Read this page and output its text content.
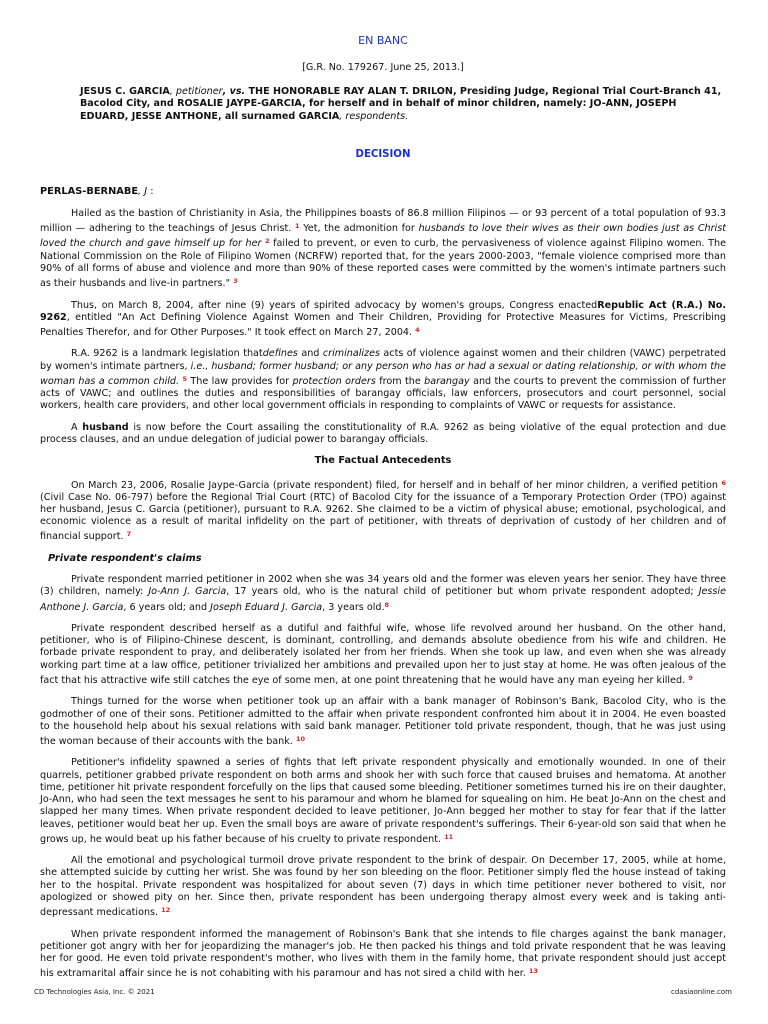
EN BANC
[G.R. No. 179267. June 25, 2013.]
JESUS C. GARCIA, petitioner, vs. THE HONORABLE RAY ALAN T. DRILON, Presiding Judge, Regional Trial Court-Branch 41, Bacolod City, and ROSALIE JAYPE-GARCIA, for herself and in behalf of minor children, namely: JO-ANN, JOSEPH EDUARD, JESSE ANTHONE, all surnamed GARCIA, respondents.
DECISION
PERLAS-BERNABE, J :

Hailed as the bastion of Christianity in Asia, the Philippines boasts of 86.8 million Filipinos — or 93 percent of a total population of 93.3 million — adhering to the teachings of Jesus Christ. $^1$ Yet, the admonition for husbands to love their wives as their own bodies just as Christ loved the church and gave himself up for her $^2$ failed to prevent, or even to curb, the pervasiveness of violence against Filipino women. The National Commission on the Role of Filipino Women (NCRFW) reported that, for the years 2000-2003, "female violence comprised more than 90% of all forms of abuse and violence and more than 90% of these reported cases were committed by the women's intimate partners such as their husbands and live-in partners." $^3$

Thus, on March 8, 2004, after nine (9) years of spirited advocacy by women's groups, Congress enactedRepublic Act (R.A.) No. 9262, entitled "An Act Defining Violence Against Women and Their Children, Providing for Protective Measures for Victims, Prescribing Penalties Therefor, and for Other Purposes." It took effect on March 27, 2004. $^4$

R.A. 9262 is a landmark legislation thatdefines and criminalizes acts of violence against women and their children (VAWC) perpetrated by women's intimate partners, i.e., husband; former husband; or any person who has or had a sexual or dating relationship, or with whom the woman has a common child. $^5$ The law provides for protection orders from the barangay and the courts to prevent the commission of further acts of VAWC; and outlines the duties and responsibilities of barangay officials, law enforcers, prosecutors and court personnel, social workers, health care providers, and other local government officials in responding to complaints of VAWC or requests for assistance.

A husband is now before the Court assailing the constitutionality of R.A. 9262 as being violative of the equal protection and due process clauses, and an undue delegation of judicial power to barangay officials.

The Factual Antecedents

On March 23, 2006, Rosalie Jaype-Garcia (private respondent) filed, for herself and in behalf of her minor children, a verified petition $^6$ (Civil Case No. 06-797) before the Regional Trial Court (RTC) of Bacolod City for the issuance of a Temporary Protection Order (TPO) against her husband, Jesus C. Garcia (petitioner), pursuant to R.A. 9262. She claimed to be a victim of physical abuse; emotional, psychological, and economic violence as a result of marital infidelity on the part of petitioner, with threats of deprivation of custody of her children and of financial support. $^7$

Private respondent's claims

Private respondent married petitioner in 2002 when she was 34 years old and the former was eleven years her senior. They have three (3) children, namely: Jo-Ann J. Garcia, 17 years old, who is the natural child of petitioner but whom private respondent adopted; Jessie Anthone J. Garcia, 6 years old; and Joseph Eduard J. Garcia, 3 years old.$^8$

Private respondent described herself as a dutiful and faithful wife, whose life revolved around her husband. On the other hand, petitioner, who is of Filipino-Chinese descent, is dominant, controlling, and demands absolute obedience from his wife and children. He forbade private respondent to pray, and deliberately isolated her from her friends. When she took up law, and even when she was already working part time at a law office, petitioner trivialized her ambitions and prevailed upon her to just stay at home. He was often jealous of the fact that his attractive wife still catches the eye of some men, at one point threatening that he would have any man eyeing her killed. $^9$

Things turned for the worse when petitioner took up an affair with a bank manager of Robinson's Bank, Bacolod City, who is the godmother of one of their sons. Petitioner admitted to the affair when private respondent confronted him about it in 2004. He even boasted to the household help about his sexual relations with said bank manager. Petitioner told private respondent, though, that he was just using the woman because of their accounts with the bank. $^{10}$

Petitioner's infidelity spawned a series of fights that left private respondent physically and emotionally wounded. In one of their quarrels, petitioner grabbed private respondent on both arms and shook her with such force that caused bruises and hematoma. At another time, petitioner hit private respondent forcefully on the lips that caused some bleeding. Petitioner sometimes turned his ire on their daughter, Jo-Ann, who had seen the text messages he sent to his paramour and whom he blamed for squealing on him. He beat Jo-Ann on the chest and slapped her many times. When private respondent decided to leave petitioner, Jo-Ann begged her mother to stay for fear that if the latter leaves, petitioner would beat her up. Even the small boys are aware of private respondent's sufferings. Their 6-year-old son said that when he grows up, he would beat up his father because of his cruelty to private respondent. $^{11}$

All the emotional and psychological turmoil drove private respondent to the brink of despair. On December 17, 2005, while at home, she attempted suicide by cutting her wrist. She was found by her son bleeding on the floor. Petitioner simply fled the house instead of taking her to the hospital. Private respondent was hospitalized for about seven (7) days in which time petitioner never bothered to visit, nor apologized or showed pity on her. Since then, private respondent has been undergoing therapy almost every week and is taking anti-depressant medications. $^{12}$

When private respondent informed the management of Robinson's Bank that she intends to file charges against the bank manager, petitioner got angry with her for jeopardizing the manager's job. He then packed his things and told private respondent that he was leaving her for good. He even told private respondent's mother, who lives with them in the family home, that private respondent should just accept his extramarital affair since he is not cohabiting with his paramour and has not sired a child with her. $^{13}$

CD Technologies Asia, Inc. © 2021	cdasiaonline.com
